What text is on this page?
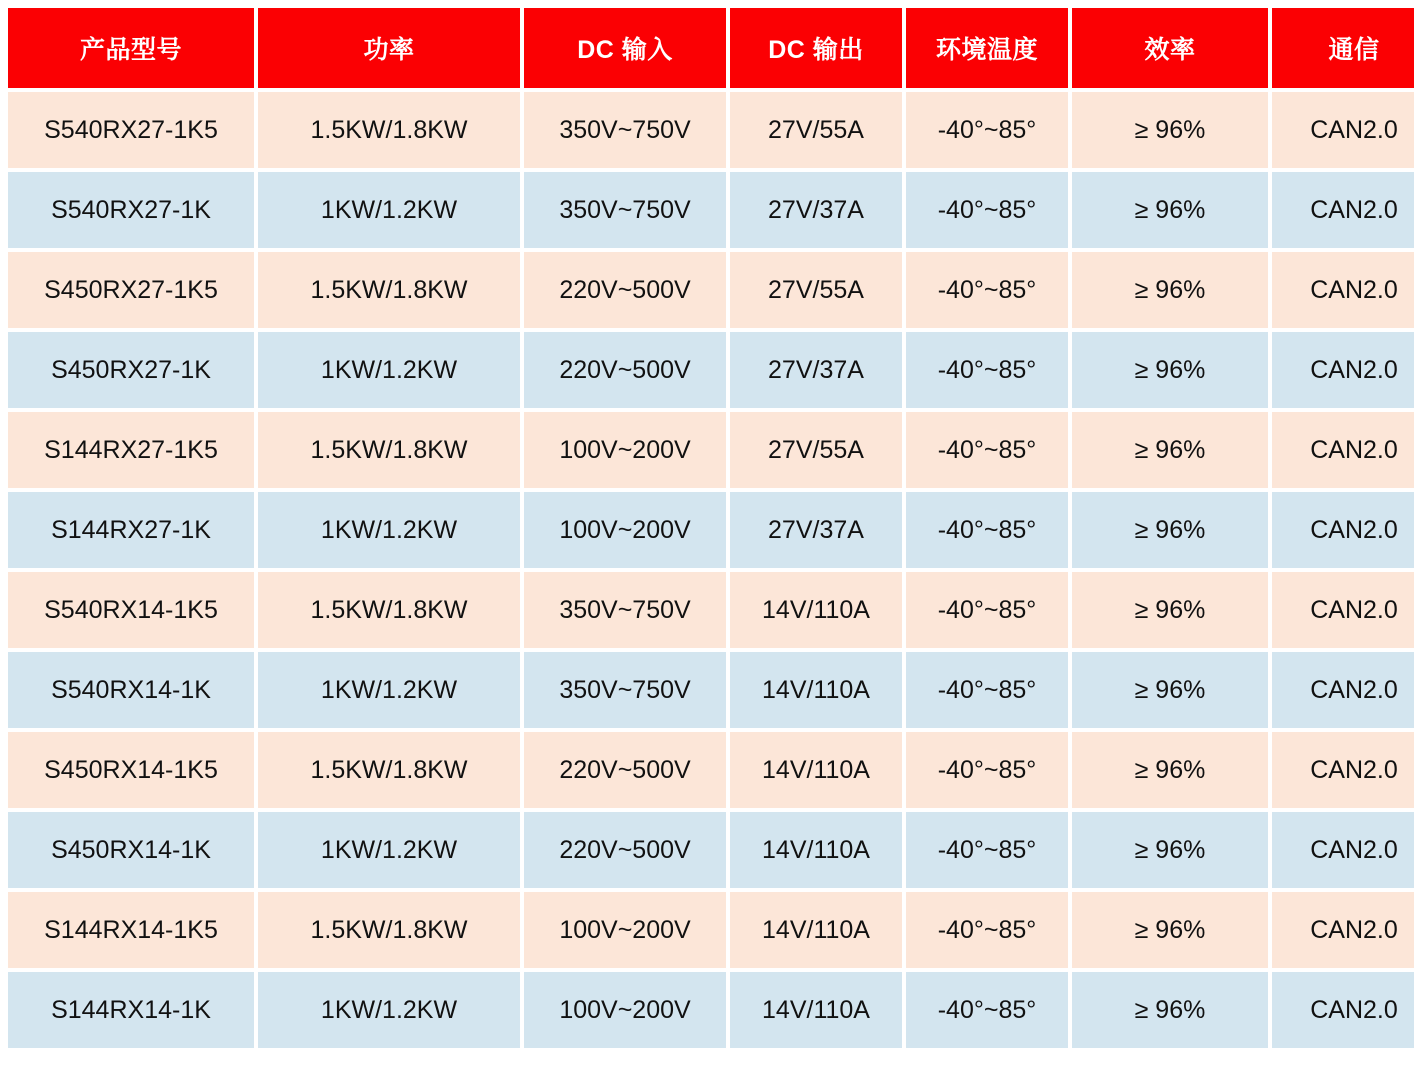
产品型号	功率	DC 输入	DC 输出	环境温度	效率	通信
S540RX27-1K5	1.5KW/1.8KW	350V~750V	27V/55A	-40°~85°	≥ 96%	CAN2.0
S540RX27-1K	1KW/1.2KW	350V~750V	27V/37A	-40°~85°	≥ 96%	CAN2.0
S450RX27-1K5	1.5KW/1.8KW	220V~500V	27V/55A	-40°~85°	≥ 96%	CAN2.0
S450RX27-1K	1KW/1.2KW	220V~500V	27V/37A	-40°~85°	≥ 96%	CAN2.0
S144RX27-1K5	1.5KW/1.8KW	100V~200V	27V/55A	-40°~85°	≥ 96%	CAN2.0
S144RX27-1K	1KW/1.2KW	100V~200V	27V/37A	-40°~85°	≥ 96%	CAN2.0
S540RX14-1K5	1.5KW/1.8KW	350V~750V	14V/110A	-40°~85°	≥ 96%	CAN2.0
S540RX14-1K	1KW/1.2KW	350V~750V	14V/110A	-40°~85°	≥ 96%	CAN2.0
S450RX14-1K5	1.5KW/1.8KW	220V~500V	14V/110A	-40°~85°	≥ 96%	CAN2.0
S450RX14-1K	1KW/1.2KW	220V~500V	14V/110A	-40°~85°	≥ 96%	CAN2.0
S144RX14-1K5	1.5KW/1.8KW	100V~200V	14V/110A	-40°~85°	≥ 96%	CAN2.0
S144RX14-1K	1KW/1.2KW	100V~200V	14V/110A	-40°~85°	≥ 96%	CAN2.0
